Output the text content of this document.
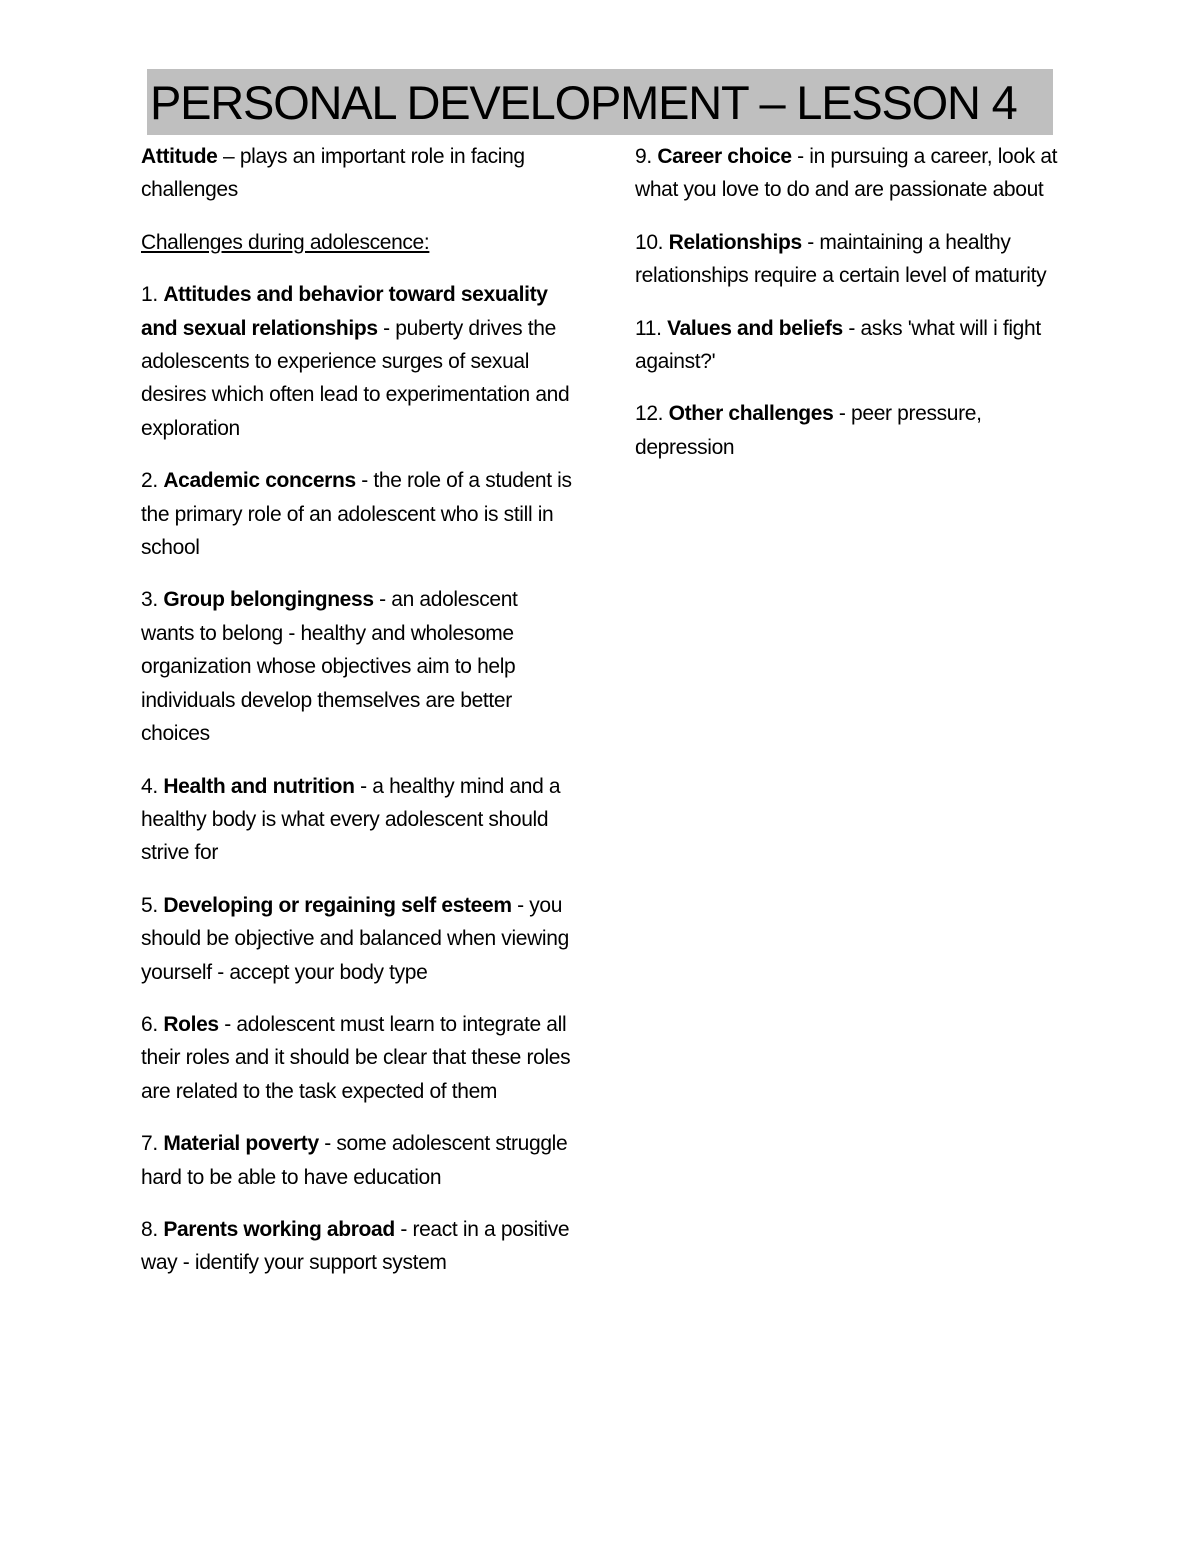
PERSONAL DEVELOPMENT – LESSON 4

Attitude – plays an important role in facing challenges

Challenges during adolescence:

1. Attitudes and behavior toward sexuality and sexual relationships - puberty drives the adolescents to experience surges of sexual desires which often lead to experimentation and exploration

2. Academic concerns - the role of a student is the primary role of an adolescent who is still in school

3. Group belongingness - an adolescent wants to belong - healthy and wholesome organization whose objectives aim to help individuals develop themselves are better choices

4. Health and nutrition - a healthy mind and a healthy body is what every adolescent should strive for

5. Developing or regaining self esteem - you should be objective and balanced when viewing yourself - accept your body type

6. Roles - adolescent must learn to integrate all their roles and it should be clear that these roles are related to the task expected of them

7. Material poverty - some adolescent struggle hard to be able to have education

8. Parents working abroad - react in a positive way - identify your support system

9. Career choice - in pursuing a career, look at what you love to do and are passionate about

10. Relationships - maintaining a healthy relationships require a certain level of maturity

11. Values and beliefs - asks 'what will i fight against?'

12. Other challenges - peer pressure, depression
